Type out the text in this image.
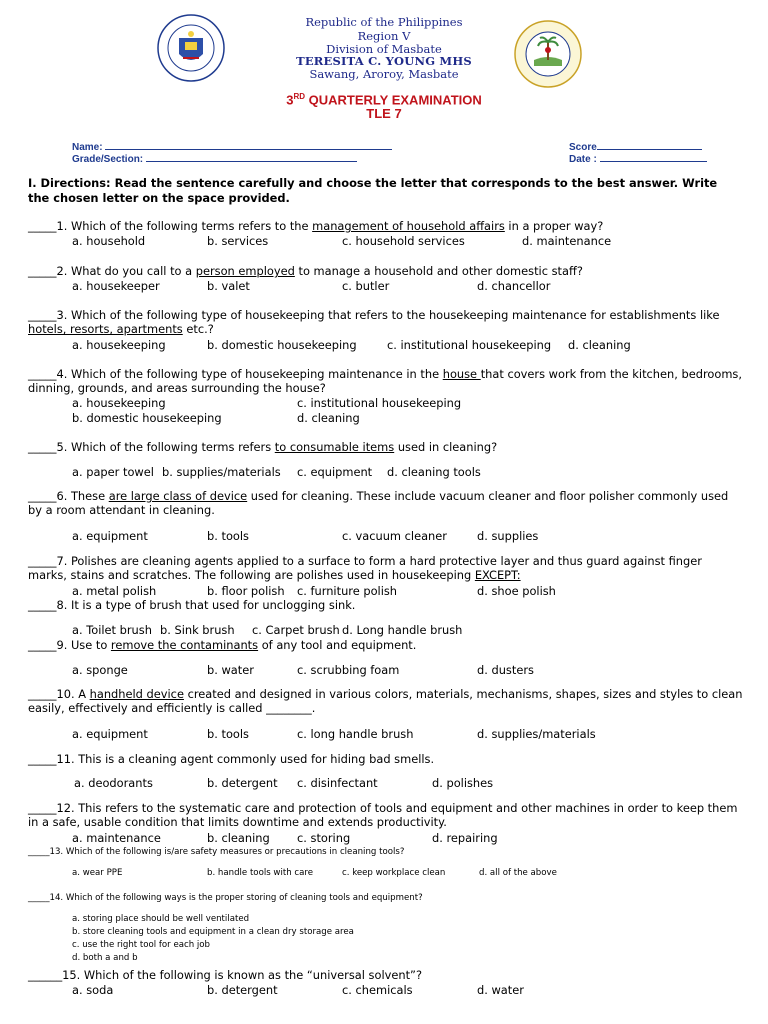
Republic of the Philippines
Region V
Division of Masbate
TERESITA C. YOUNG MHS
Sawang, Aroroy, Masbate
3RD QUARTERLY EXAMINATION
TLE 7
Name:
Grade/Section:
Score
Date :
I. Directions: Read the sentence carefully and choose the letter that corresponds to the best answer. Write the chosen letter on the space provided.
_____1. Which of the following terms refers to the management of household affairs in a proper way?
a. household	b. services	c. household services	d. maintenance
_____2. What do you call to a person employed to manage a household and other domestic staff?
a. housekeeper	b. valet	c. butler	d. chancellor
_____3. Which of the following type of housekeeping that refers to the housekeeping maintenance for establishments like hotels, resorts, apartments etc.?
a. housekeeping	b. domestic housekeeping	c. institutional housekeeping d. cleaning
_____4. Which of the following type of housekeeping maintenance in the house that covers work from the kitchen, bedrooms, dinning, grounds, and areas surrounding the house?
a. housekeeping	c. institutional housekeeping
b. domestic housekeeping	d. cleaning
_____5. Which of the following terms refers to consumable items used in cleaning?
a. paper towel b. supplies/materials c. equipment d. cleaning tools
_____6. These are large class of device used for cleaning. These include vacuum cleaner and floor polisher commonly used by a room attendant in cleaning.
a. equipment	b. tools	c. vacuum cleaner	d. supplies
_____7. Polishes are cleaning agents applied to a surface to form a hard protective layer and thus guard against finger marks, stains and scratches. The following are polishes used in housekeeping EXCEPT:
a. metal polish	b. floor polish c. furniture polish	d. shoe polish
_____8. It is a type of brush that used for unclogging sink.
a. Toilet brush b. Sink brush c. Carpet brush d. Long handle brush
_____9. Use to remove the contaminants of any tool and equipment.
a. sponge	b. water	c. scrubbing foam	d. dusters
_____10. A handheld device created and designed in various colors, materials, mechanisms, shapes, sizes and styles to clean easily, effectively and efficiently is called ________.
a. equipment	b. tools	c. long handle brush	d. supplies/materials
_____11. This is a cleaning agent commonly used for hiding bad smells.
a. deodorants	b. detergent c. disinfectant	d. polishes
_____12. This refers to the systematic care and protection of tools and equipment and other machines in order to keep them in a safe, usable condition that limits downtime and extends productivity.
a. maintenance	b. cleaning c. storing	d. repairing
_____13. Which of the following is/are safety measures or precautions in cleaning tools?
a. wear PPE	b. handle tools with care	c. keep workplace clean	d. all of the above
_____14. Which of the following ways is the proper storing of cleaning tools and equipment?
a. storing place should be well ventilated
b. store cleaning tools and equipment in a clean dry storage area
c. use the right tool for each job
d. both a and b
______15. Which of the following is known as the “universal solvent”?
a. soda	b. detergent	c. chemicals	d. water
